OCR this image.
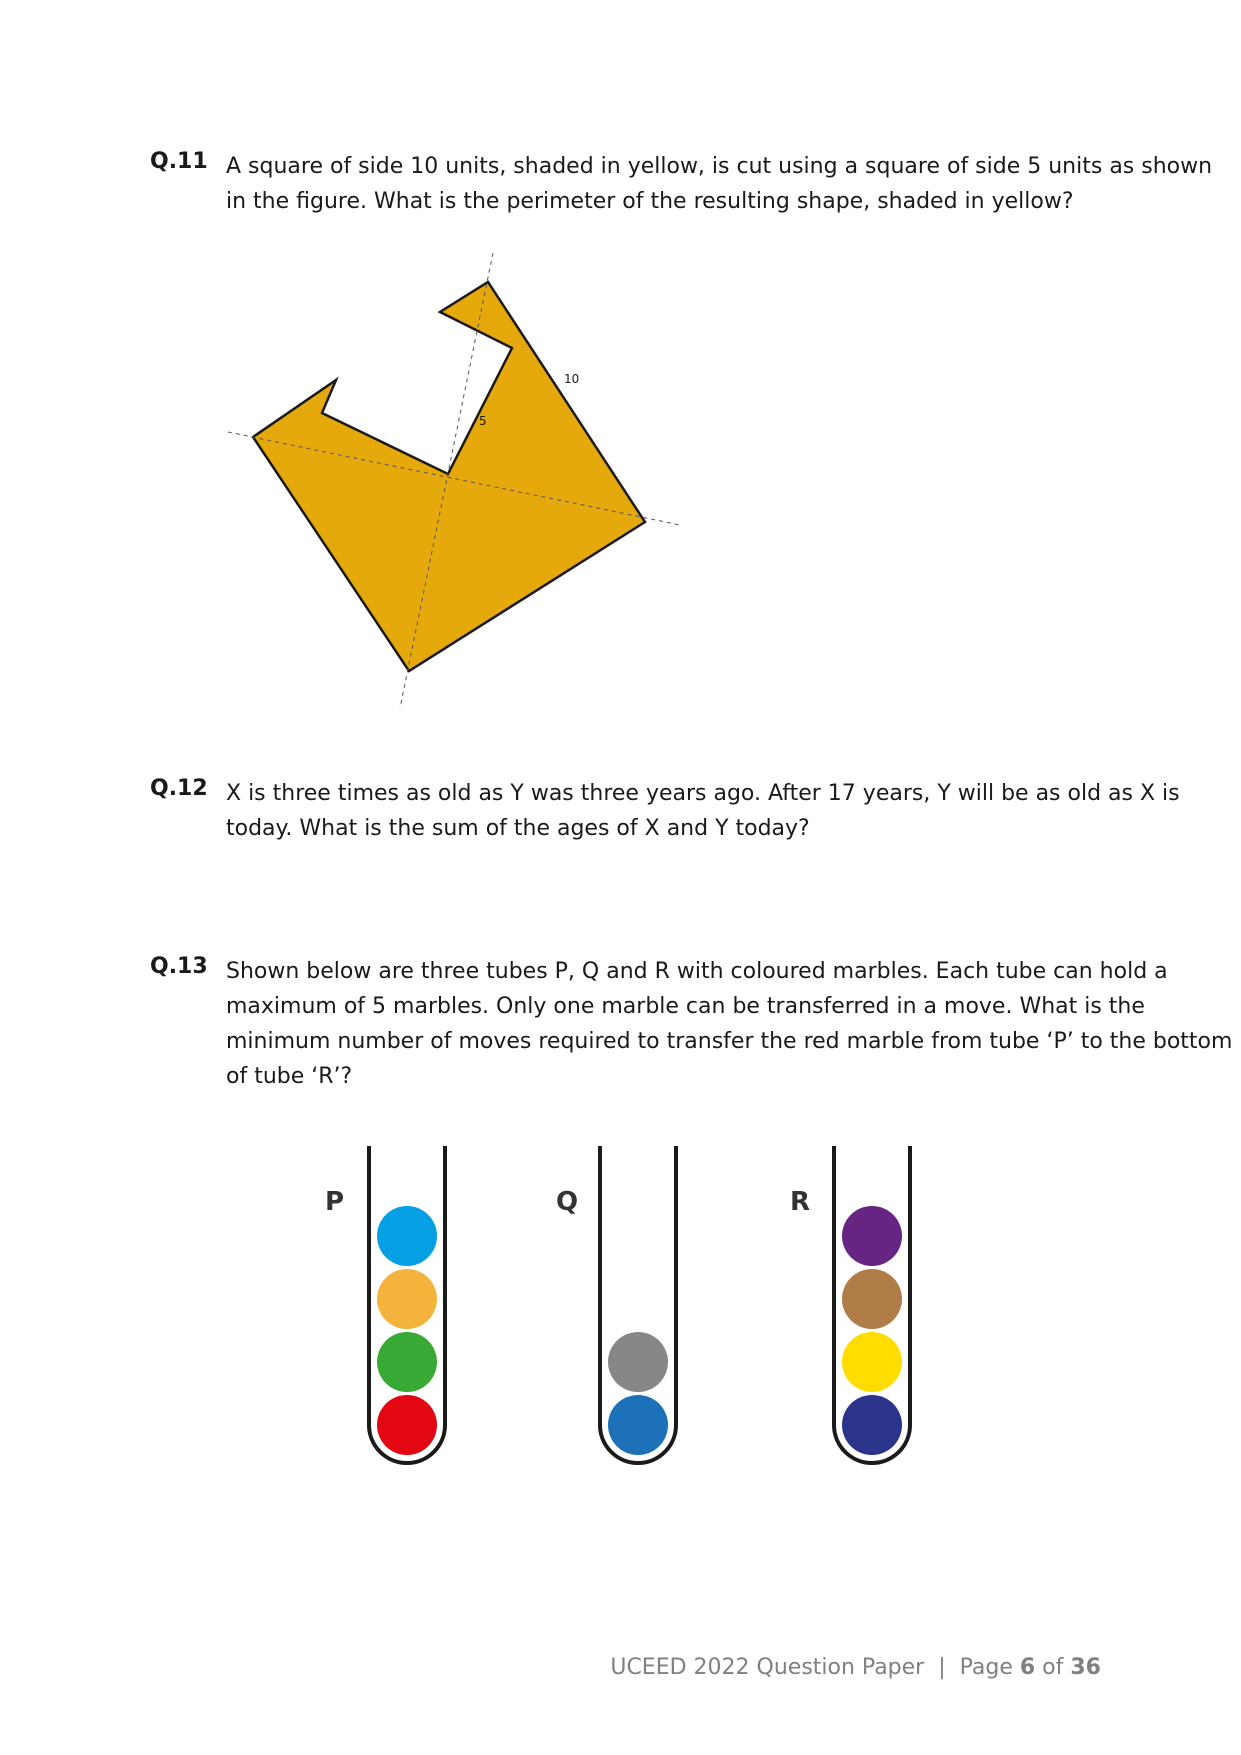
Q.11 A square of side 10 units, shaded in yellow, is cut using a square of side 5 units as shown in the figure. What is the perimeter of the resulting shape, shaded in yellow?

10
5
Q.12 X is three times as old as Y was three years ago. After 17 years, Y will be as old as X is today. What is the sum of the ages of X and Y today?

Q.13 Shown below are three tubes P, Q and R with coloured marbles. Each tube can hold a maximum of 5 marbles. Only one marble can be transferred in a move. What is the minimum number of moves required to transfer the red marble from tube ‘P’ to the bottom of tube ‘R’?

P	Q	R
UCEED 2022 Question Paper  |  Page 6 of 36
